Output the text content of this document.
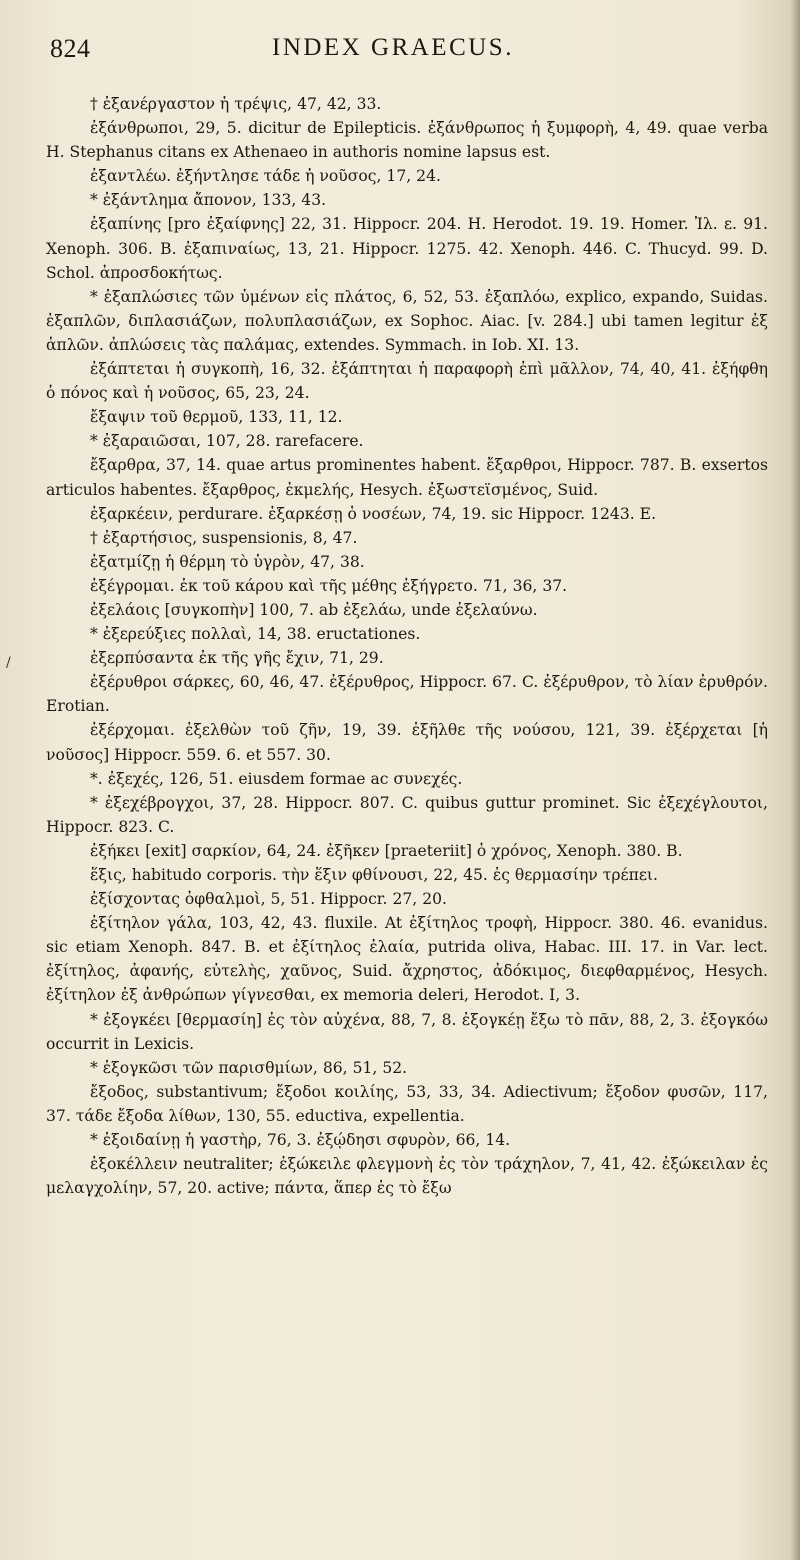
824	INDEX GRAECUS.
/

† ἐξανέργαστον ἡ τρέψις, 47, 42, 33.

ἐξάνθρωποι, 29, 5. dicitur de Epilepticis. ἐξάνθρωπος ἡ ξυμφορὴ, 4, 49. quae verba H. Stephanus citans ex Athenaeo in authoris nomine lapsus est.

ἐξαντλέω. ἐξήντλησε τάδε ἡ νοῦσος, 17, 24.

* ἐξάντλημα ἄπονον, 133, 43.

ἐξαπίνης [pro ἐξαίφνης] 22, 31. Hippocr. 204. H. Herodot. 19. 19. Homer. Ἰλ. ε. 91. Xenoph. 306. B. ἐξαπιναίως, 13, 21. Hippocr. 1275. 42. Xenoph. 446. C. Thucyd. 99. D. Schol. ἀπροσδοκήτως.

* ἐξαπλώσιες τῶν ὑμένων εἰς πλάτος, 6, 52, 53. ἐξαπλόω, explico, expando, Suidas. ἐξαπλῶν, διπλασιάζων, πολυπλασιάζων, ex Sophoc. Aiac. [v. 284.] ubi tamen legitur ἐξ ἁπλῶν. ἀπλώσεις τὰς παλάμας, extendes. Symmach. in Iob. XI. 13.

ἐξάπτεται ἡ συγκοπὴ, 16, 32. ἐξάπτηται ἡ παραφορὴ ἐπὶ μᾶλλον, 74, 40, 41. ἐξήφθη ὁ πόνος καὶ ἡ νοῦσος, 65, 23, 24.

ἔξαψιν τοῦ θερμοῦ, 133, 11, 12.

* ἐξαραιῶσαι, 107, 28. rarefacere.

ἔξαρθρα, 37, 14. quae artus prominentes habent. ἔξαρθροι, Hippocr. 787. B. exsertos articulos habentes. ἔξαρθρος, ἐκμελής, Hesych. ἐξωστεϊσμένος, Suid.

ἐξαρκέειν, perdurare. ἐξαρκέσῃ ὁ νοσέων, 74, 19. sic Hippocr. 1243. E.

† ἐξαρτήσιος, suspensionis, 8, 47.

ἐξατμίζῃ ἡ θέρμη τὸ ὑγρὸν, 47, 38.

ἐξέγρομαι. ἐκ τοῦ κάρου καὶ τῆς μέθης ἐξήγρετο. 71, 36, 37.

ἐξελάοις [συγκοπὴν] 100, 7. ab ἐξελάω, unde ἐξελαύνω.

* ἐξερεύξιες πολλαὶ, 14, 38. eructationes.

ἐξερπύσαντα ἐκ τῆς γῆς ἔχιν, 71, 29.

ἐξέρυθροι σάρκες, 60, 46, 47. ἐξέρυθρος, Hippocr. 67. C. ἐξέρυθρον, τὸ λίαν ἐρυθρόν. Erotian.

ἐξέρχομαι. ἐξελθὼν τοῦ ζῆν, 19, 39. ἐξῆλθε τῆς νούσου, 121, 39. ἐξέρχεται [ἡ νοῦσος] Hippocr. 559. 6. et 557. 30.

*. ἐξεχές, 126, 51. eiusdem formae ac συνεχές.

* ἐξεχέβρογχοι, 37, 28. Hippocr. 807. C. quibus guttur prominet. Sic ἐξεχέγλουτοι, Hippocr. 823. C.

ἐξήκει [exit] σαρκίον, 64, 24. ἐξῆκεν [praeteriit] ὁ χρόνος, Xenoph. 380. B.

ἕξις, habitudo corporis. τὴν ἕξιν φθίνουσι, 22, 45. ἐς θερμασίην τρέπει.

ἐξίσχοντας ὀφθαλμοὶ, 5, 51. Hippocr. 27, 20.

ἐξίτηλον γάλα, 103, 42, 43. fluxile. At ἐξίτηλος τροφὴ, Hippocr. 380. 46. evanidus. sic etiam Xenoph. 847. B. et ἐξίτηλος ἐλαία, putrida oliva, Habac. III. 17. in Var. lect. ἐξίτηλος, ἀφανής, εὐτελὴς, χαῦνος, Suid. ἄχρηστος, ἀδόκιμος, διεφθαρμένος, Hesych. ἐξίτηλον ἐξ ἀνθρώπων γίγνεσθαι, ex memoria deleri, Herodot. I, 3.

* ἐξογκέει [θερμασίη] ἐς τὸν αὐχένα, 88, 7, 8. ἐξογκέῃ ἔξω τὸ πᾶν, 88, 2, 3. ἐξογκόω occurrit in Lexicis.

* ἐξογκῶσι τῶν παρισθμίων, 86, 51, 52.

ἔξοδος, substantivum; ἔξοδοι κοιλίης, 53, 33, 34. Adiectivum; ἔξοδον φυσῶν, 117, 37. τάδε ἔξοδα λίθων, 130, 55. eductiva, expellentia.

* ἐξοιδαίνῃ ἡ γαστὴρ, 76, 3. ἐξῴδησι σφυρὸν, 66, 14.

ἐξοκέλλειν neutraliter; ἐξώκειλε φλεγμονὴ ἐς τὸν τράχηλον, 7, 41, 42. ἐξώκειλαν ἐς μελαγχολίην, 57, 20. active; πάντα, ἅπερ ἐς τὸ ἔξω
